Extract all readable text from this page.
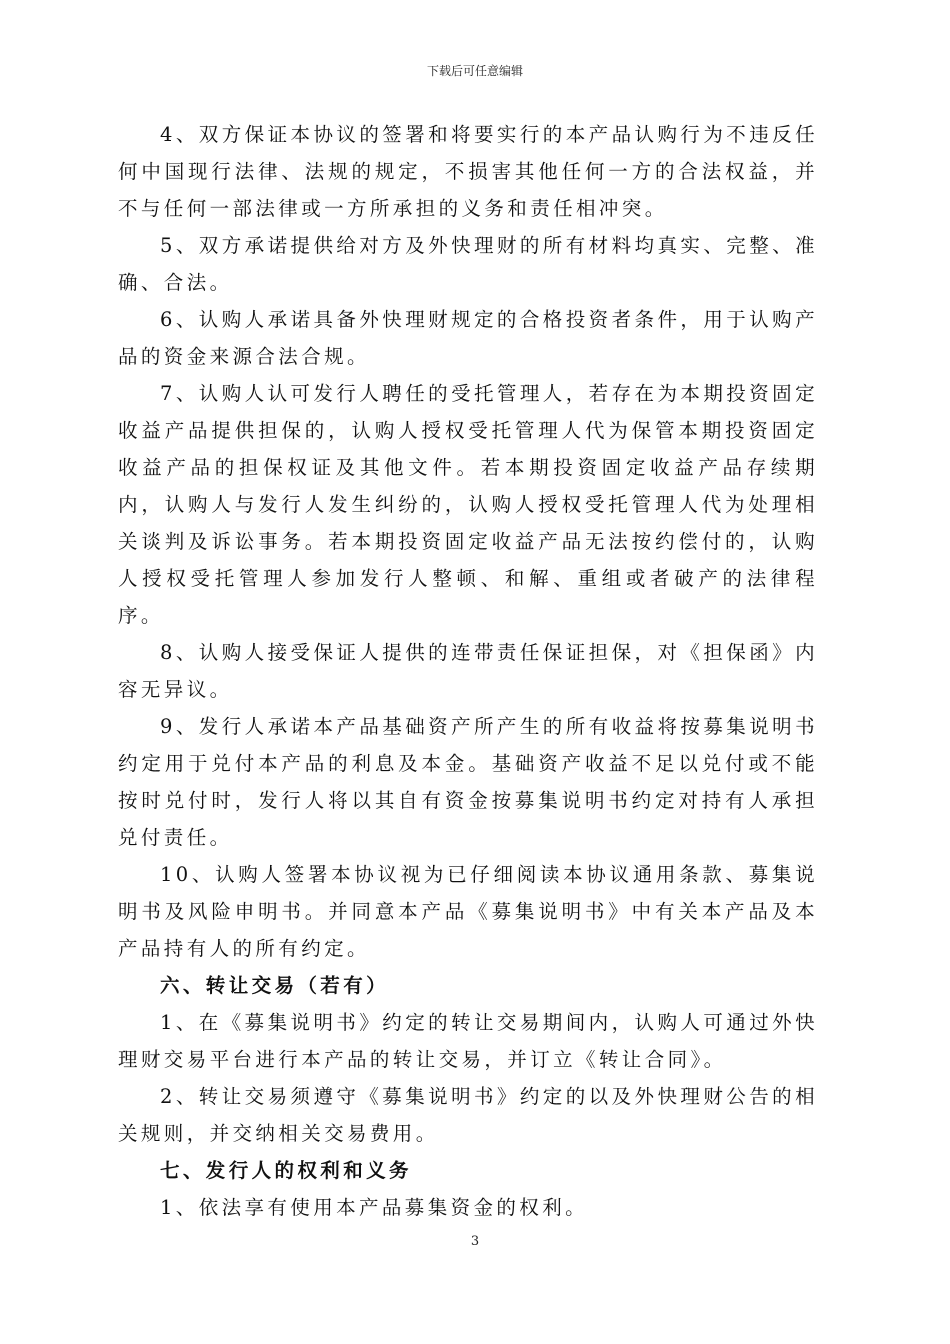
下载后可任意编辑

4、双方保证本协议的签署和将要实行的本产品认购行为不违反任何中国现行法律、法规的规定，不损害其他任何一方的合法权益，并不与任何一部法律或一方所承担的义务和责任相冲突。

5、双方承诺提供给对方及外快理财的所有材料均真实、完整、准确、合法。

6、认购人承诺具备外快理财规定的合格投资者条件，用于认购产品的资金来源合法合规。

7、认购人认可发行人聘任的受托管理人，若存在为本期投资固定收益产品提供担保的，认购人授权受托管理人代为保管本期投资固定收益产品的担保权证及其他文件。若本期投资固定收益产品存续期内，认购人与发行人发生纠纷的，认购人授权受托管理人代为处理相关谈判及诉讼事务。若本期投资固定收益产品无法按约偿付的，认购人授权受托管理人参加发行人整顿、和解、重组或者破产的法律程序。

8、认购人接受保证人提供的连带责任保证担保，对《担保函》内容无异议。

9、发行人承诺本产品基础资产所产生的所有收益将按募集说明书约定用于兑付本产品的利息及本金。基础资产收益不足以兑付或不能按时兑付时，发行人将以其自有资金按募集说明书约定对持有人承担兑付责任。

10、认购人签署本协议视为已仔细阅读本协议通用条款、募集说明书及风险申明书。并同意本产品《募集说明书》中有关本产品及本产品持有人的所有约定。

六、转让交易（若有）

1、在《募集说明书》约定的转让交易期间内，认购人可通过外快理财交易平台进行本产品的转让交易，并订立《转让合同》。

2、转让交易须遵守《募集说明书》约定的以及外快理财公告的相关规则，并交纳相关交易费用。

七、发行人的权利和义务

1、依法享有使用本产品募集资金的权利。

3
